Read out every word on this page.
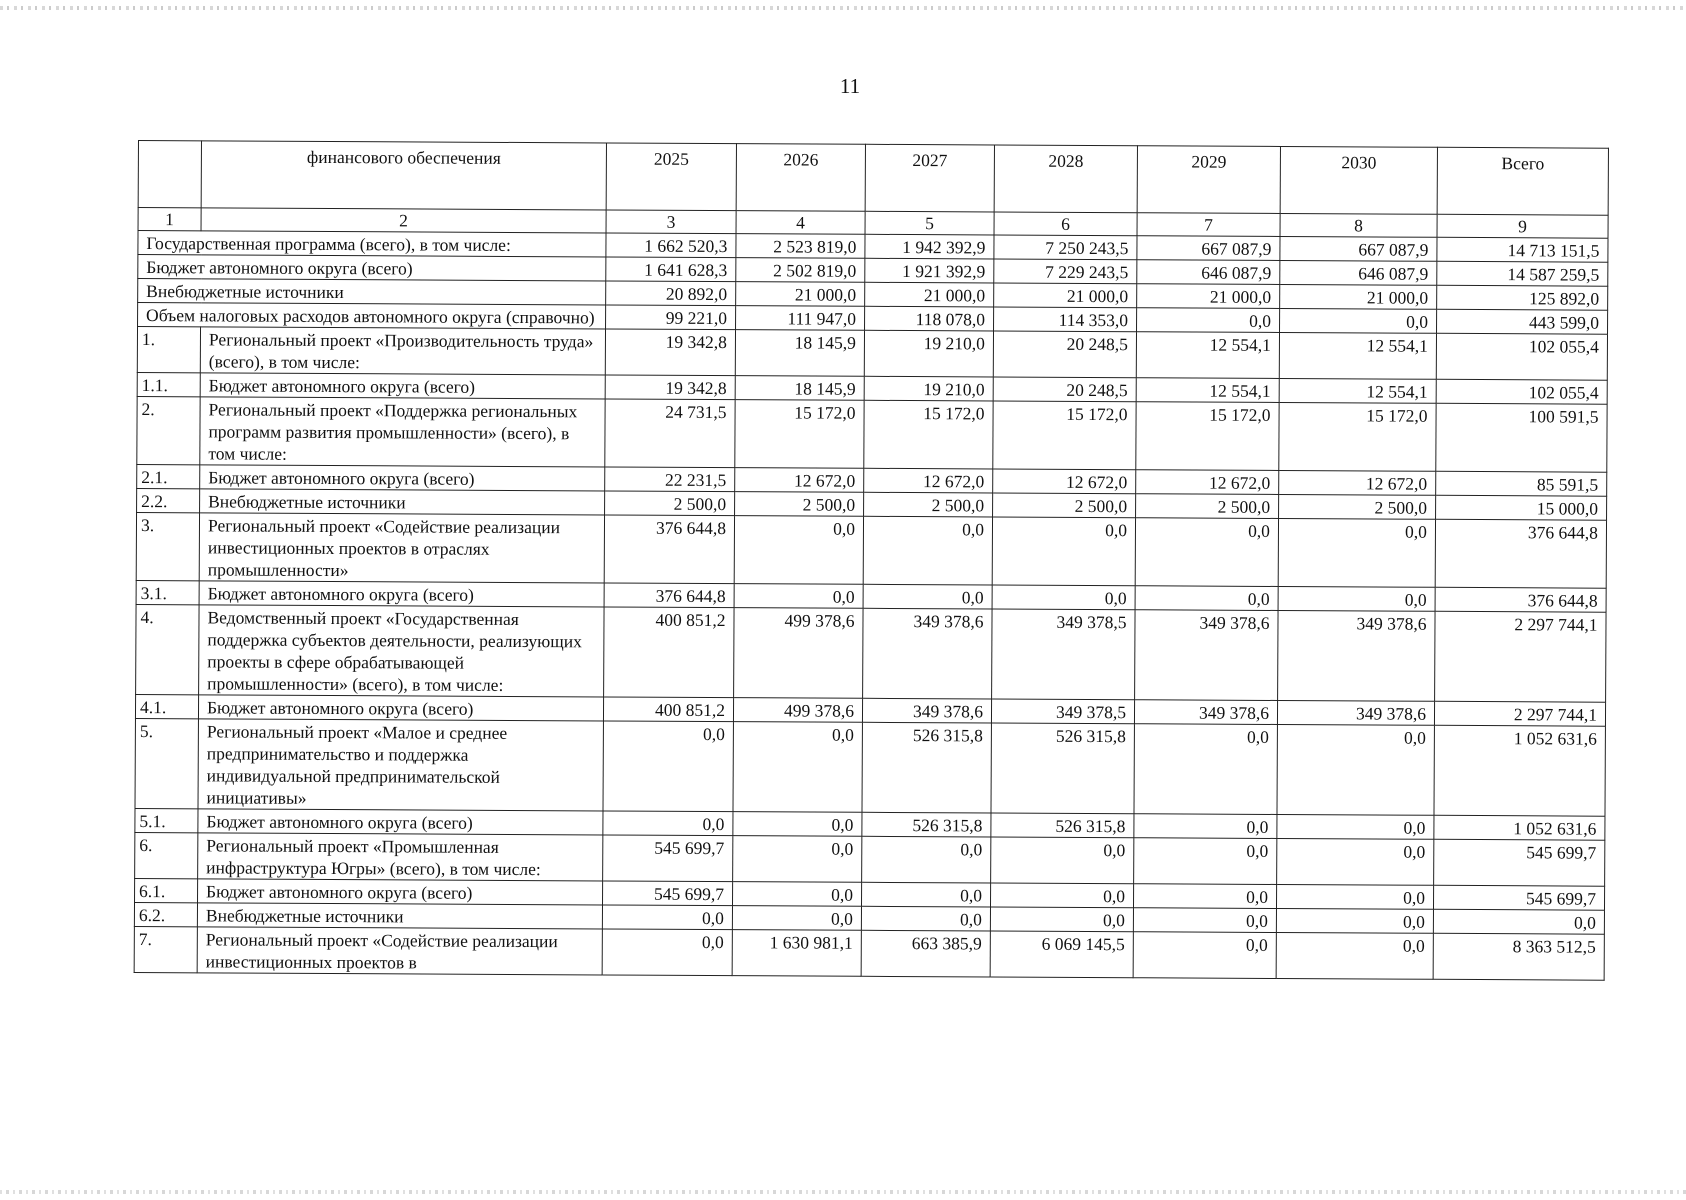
11
	финансового обеспечения	2025	2026	2027	2028	2029	2030	Всего
1	2	3	4	5	6	7	8	9
Государственная программа (всего), в том числе:		1 662 520,3	2 523 819,0	1 942 392,9	7 250 243,5	667 087,9	667 087,9	14 713 151,5
Бюджет автономного округа (всего)		1 641 628,3	2 502 819,0	1 921 392,9	7 229 243,5	646 087,9	646 087,9	14 587 259,5
Внебюджетные источники		20 892,0	21 000,0	21 000,0	21 000,0	21 000,0	21 000,0	125 892,0
Объем налоговых расходов автономного округа (справочно)		99 221,0	111 947,0	118 078,0	114 353,0	0,0	0,0	443 599,0
1.	Региональный проект «Производительность труда» (всего), в том числе:	19 342,8	18 145,9	19 210,0	20 248,5	12 554,1	12 554,1	102 055,4
1.1.	Бюджет автономного округа (всего)	19 342,8	18 145,9	19 210,0	20 248,5	12 554,1	12 554,1	102 055,4
2.	Региональный проект «Поддержка региональных программ развития промышленности» (всего), в том числе:	24 731,5	15 172,0	15 172,0	15 172,0	15 172,0	15 172,0	100 591,5
2.1.	Бюджет автономного округа (всего)	22 231,5	12 672,0	12 672,0	12 672,0	12 672,0	12 672,0	85 591,5
2.2.	Внебюджетные источники	2 500,0	2 500,0	2 500,0	2 500,0	2 500,0	2 500,0	15 000,0
3.	Региональный проект «Содействие реализации инвестиционных проектов в отраслях промышленности»	376 644,8	0,0	0,0	0,0	0,0	0,0	376 644,8
3.1.	Бюджет автономного округа (всего)	376 644,8	0,0	0,0	0,0	0,0	0,0	376 644,8
4.	Ведомственный проект «Государственная поддержка субъектов деятельности, реализующих проекты в сфере обрабатывающей промышленности» (всего), в том числе:	400 851,2	499 378,6	349 378,6	349 378,5	349 378,6	349 378,6	2 297 744,1
4.1.	Бюджет автономного округа (всего)	400 851,2	499 378,6	349 378,6	349 378,5	349 378,6	349 378,6	2 297 744,1
5.	Региональный проект «Малое и среднее предпринимательство и поддержка индивидуальной предпринимательской инициативы»	0,0	0,0	526 315,8	526 315,8	0,0	0,0	1 052 631,6
5.1.	Бюджет автономного округа (всего)	0,0	0,0	526 315,8	526 315,8	0,0	0,0	1 052 631,6
6.	Региональный проект «Промышленная инфраструктура Югры» (всего), в том числе:	545 699,7	0,0	0,0	0,0	0,0	0,0	545 699,7
6.1.	Бюджет автономного округа (всего)	545 699,7	0,0	0,0	0,0	0,0	0,0	545 699,7
6.2.	Внебюджетные источники	0,0	0,0	0,0	0,0	0,0	0,0	0,0
7.	Региональный проект «Содействие реализации инвестиционных проектов в	0,0	1 630 981,1	663 385,9	6 069 145,5	0,0	0,0	8 363 512,5
